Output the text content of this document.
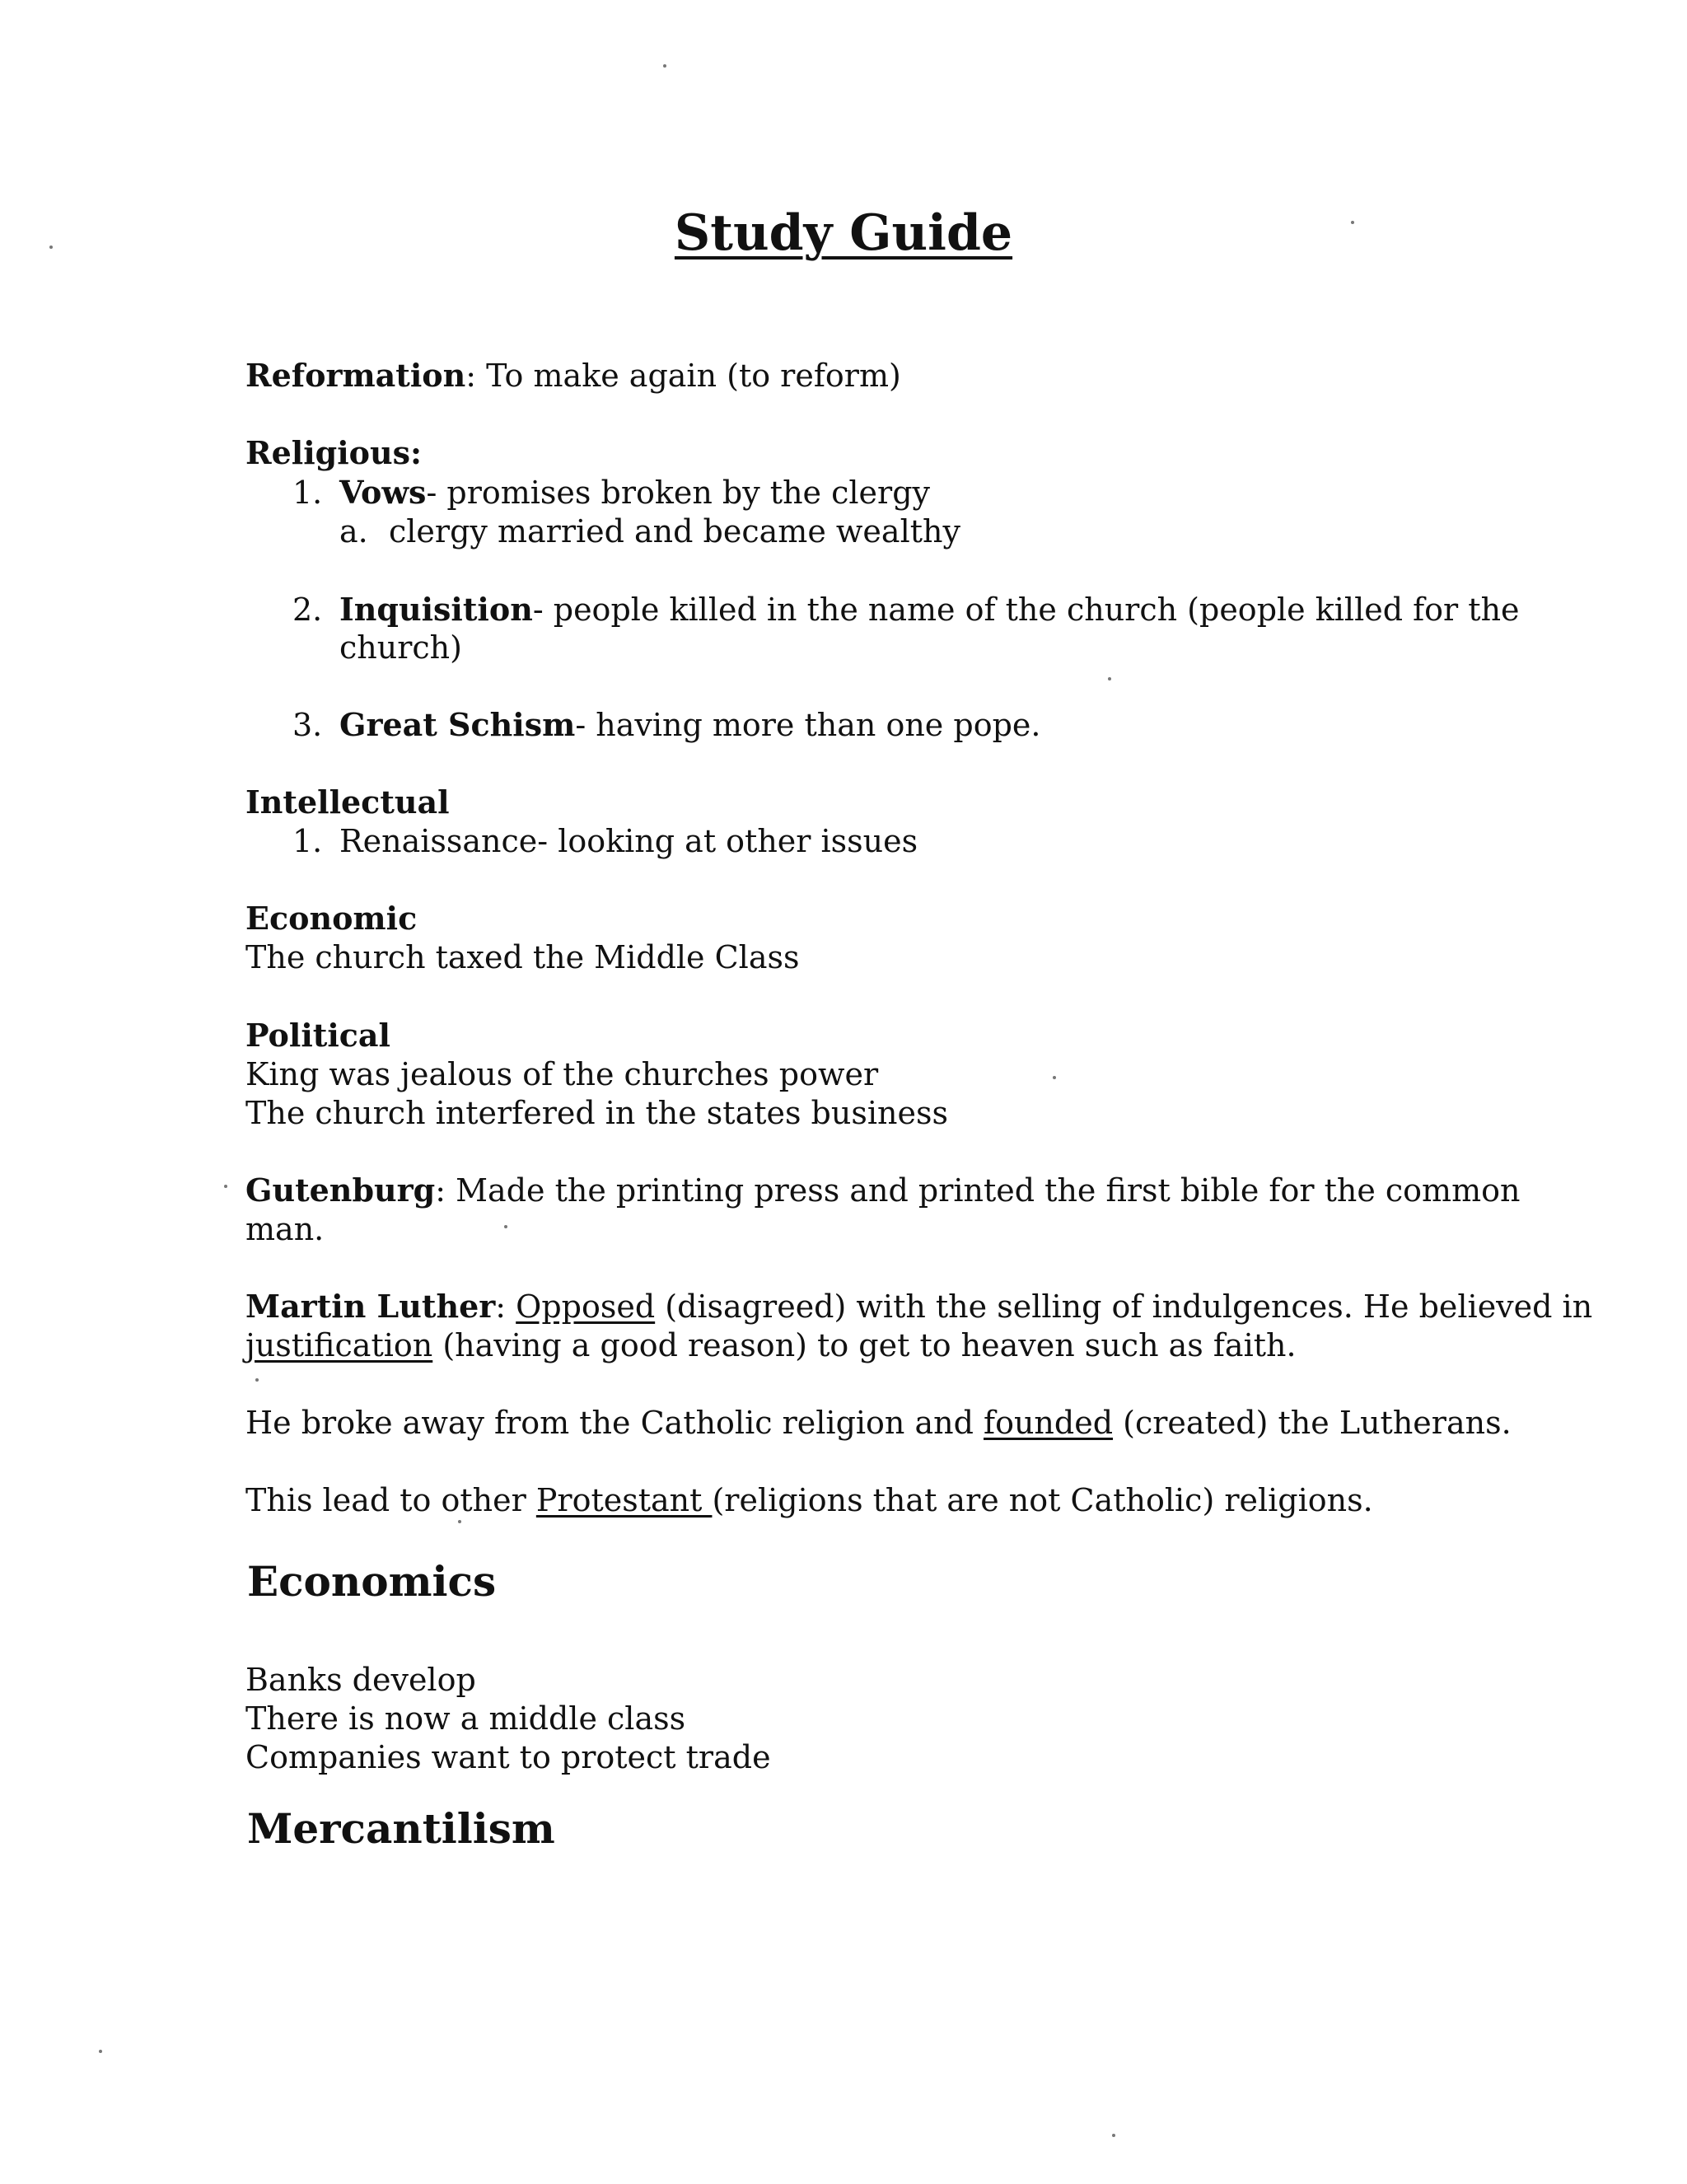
Study Guide
Reformation: To make again (to reform)
Religious:
1. Vows- promises broken by the clergy
a. clergy married and became wealthy
2. Inquisition- people killed in the name of the church (people killed for the
church)
3. Great Schism- having more than one pope.
Intellectual
1. Renaissance- looking at other issues
Economic
The church taxed the Middle Class
Political
King was jealous of the churches power
The church interfered in the states business
Gutenburg: Made the printing press and printed the first bible for the common
man.
Martin Luther: Opposed (disagreed) with the selling of indulgences. He believed in
justification (having a good reason) to get to heaven such as faith.
He broke away from the Catholic religion and founded (created) the Lutherans.
This lead to other Protestant (religions that are not Catholic) religions.
Economics
Banks develop
There is now a middle class
Companies want to protect trade
Mercantilism
